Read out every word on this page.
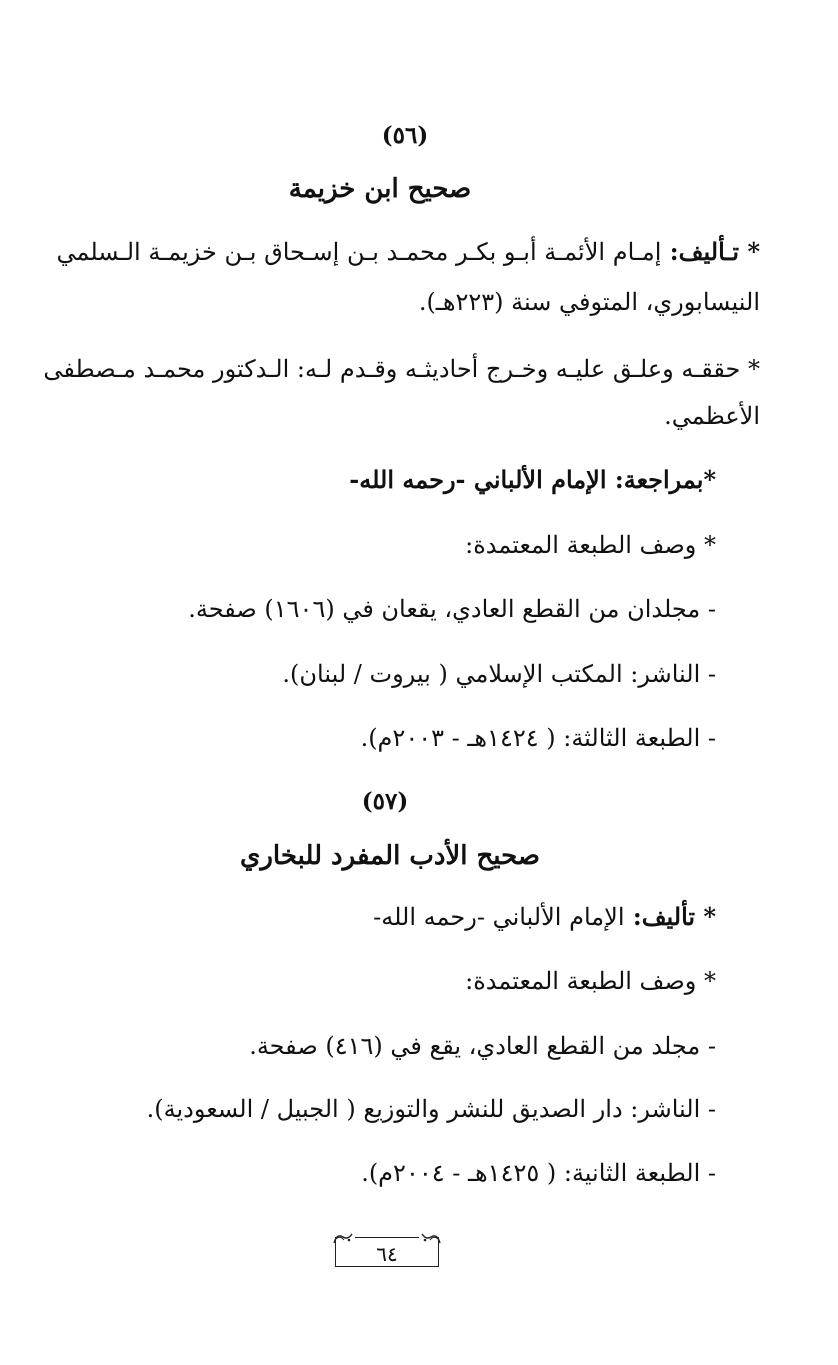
(٥٦)
صحيح ابن خزيمة
* تـأليف: إمـام الأئمـة أبـو بكـر محمـد بـن إسـحاق بـن خزيمـة الـسلمي
النيسابوري، المتوفي سنة (٢٢٣هـ).
* حققـه وعلـق عليـه وخـرج أحاديثـه وقـدم لـه: الـدكتور محمـد مـصطفى
الأعظمي.
*بمراجعة: الإمام الألباني -رحمه الله-
* وصف الطبعة المعتمدة:
- مجلدان من القطع العادي، يقعان في (١٦٠٦) صفحة.
- الناشر: المكتب الإسلامي ( بيروت / لبنان).
- الطبعة الثالثة: ( ١٤٢٤هـ - ٢٠٠٣م).
(٥٧)
صحيح الأدب المفرد للبخاري
* تأليف: الإمام الألباني -رحمه الله-
* وصف الطبعة المعتمدة:
- مجلد من القطع العادي، يقع في (٤١٦) صفحة.
- الناشر: دار الصديق للنشر والتوزيع ( الجبيل / السعودية).
- الطبعة الثانية: ( ١٤٢٥هـ - ٢٠٠٤م).
٦٤
